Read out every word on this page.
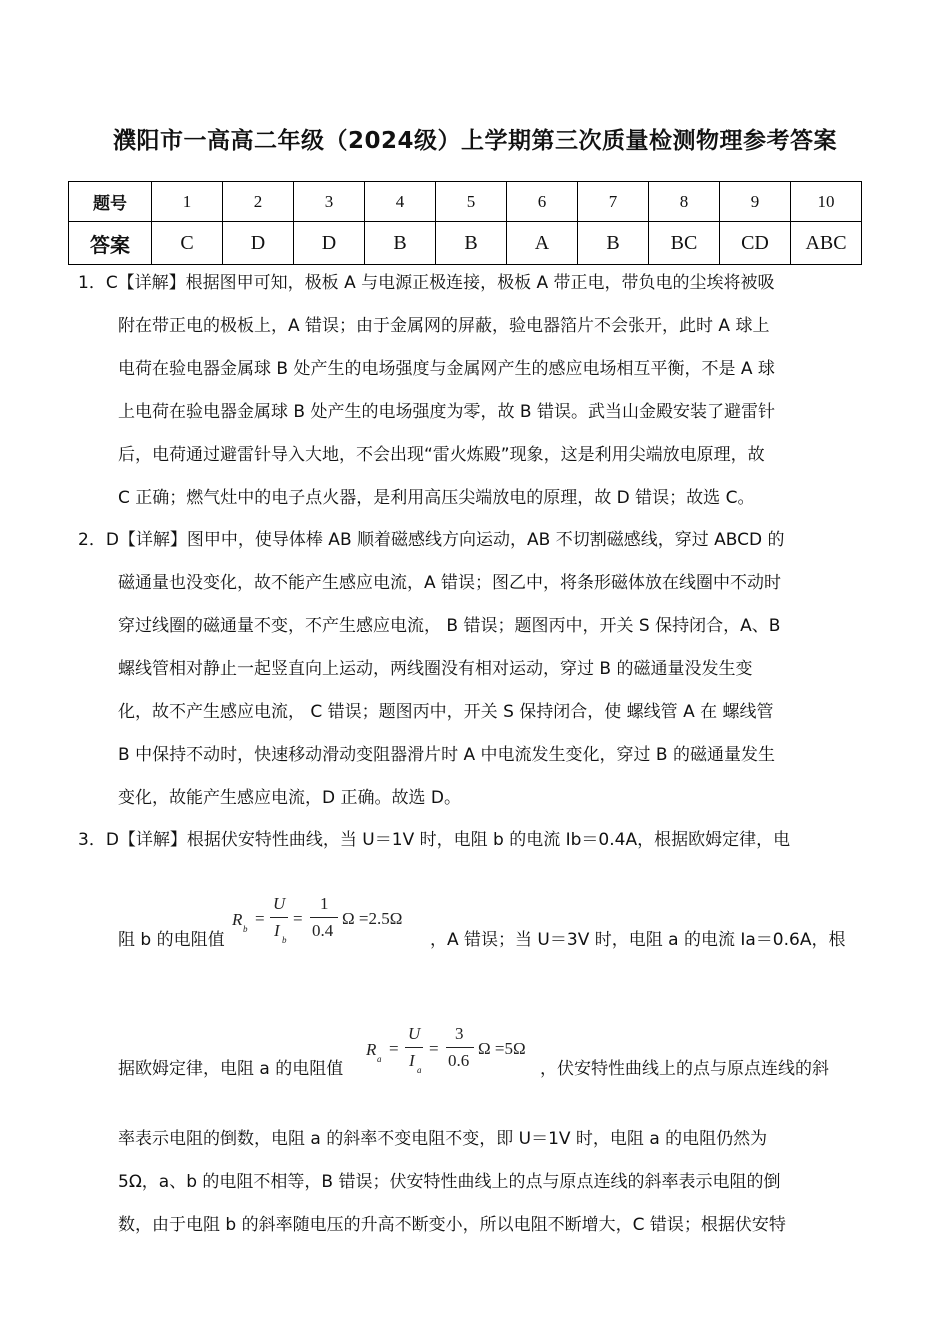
濮阳市一高高二年级（2024级）上学期第三次质量检测物理参考答案
题号	1	2	3	4	5	6	7	8	9	10
答案	C	D	D	B	B	A	B	BC	CD	ABC
1．C【详解】根据图甲可知，极板 A 与电源正极连接，极板 A 带正电，带负电的尘埃将被吸
附在带正电的极板上，A 错误；由于金属网的屏蔽，验电器箔片不会张开，此时 A 球上
电荷在验电器金属球 B 处产生的电场强度与金属网产生的感应电场相互平衡，不是 A 球
上电荷在验电器金属球 B 处产生的电场强度为零，故 B 错误。武当山金殿安装了避雷针
后，电荷通过避雷针导入大地，不会出现“雷火炼殿”现象，这是利用尖端放电原理，故
C 正确；燃气灶中的电子点火器，是利用高压尖端放电的原理，故 D 错误；故选 C。
2．D【详解】图甲中，使导体棒 AB 顺着磁感线方向运动，AB 不切割磁感线，穿过 ABCD 的
磁通量也没变化，故不能产生感应电流，A 错误；图乙中，将条形磁体放在线圈中不动时
穿过线圈的磁通量不变，不产生感应电流， B 错误；题图丙中，开关 S 保持闭合，A、B
螺线管相对静止一起竖直向上运动，两线圈没有相对运动，穿过 B 的磁通量没发生变
化，故不产生感应电流， C 错误；题图丙中，开关 S 保持闭合，使 螺线管 A 在 螺线管
B 中保持不动时，快速移动滑动变阻器滑片时 A 中电流发生变化，穿过 B 的磁通量发生
变化，故能产生感应电流，D 正确。故选 D。
3．D【详解】根据伏安特性曲线，当 U＝1V 时，电阻 b 的电流 Ib＝0.4A，根据欧姆定律，电
阻 b 的电阻值
R b
=
U
I b
=
1
0.4
Ω =2.5Ω
，A 错误；当 U＝3V 时，电阻 a 的电流 Ia＝0.6A，根
据欧姆定律，电阻 a 的电阻值
R a
=
U
I a
=
3
0.6
Ω =5Ω
，伏安特性曲线上的点与原点连线的斜
率表示电阻的倒数，电阻 a 的斜率不变电阻不变，即 U＝1V 时，电阻 a 的电阻仍然为
5Ω，a、b 的电阻不相等，B 错误；伏安特性曲线上的点与原点连线的斜率表示电阻的倒
数，由于电阻 b 的斜率随电压的升高不断变小，所以电阻不断增大，C 错误；根据伏安特
